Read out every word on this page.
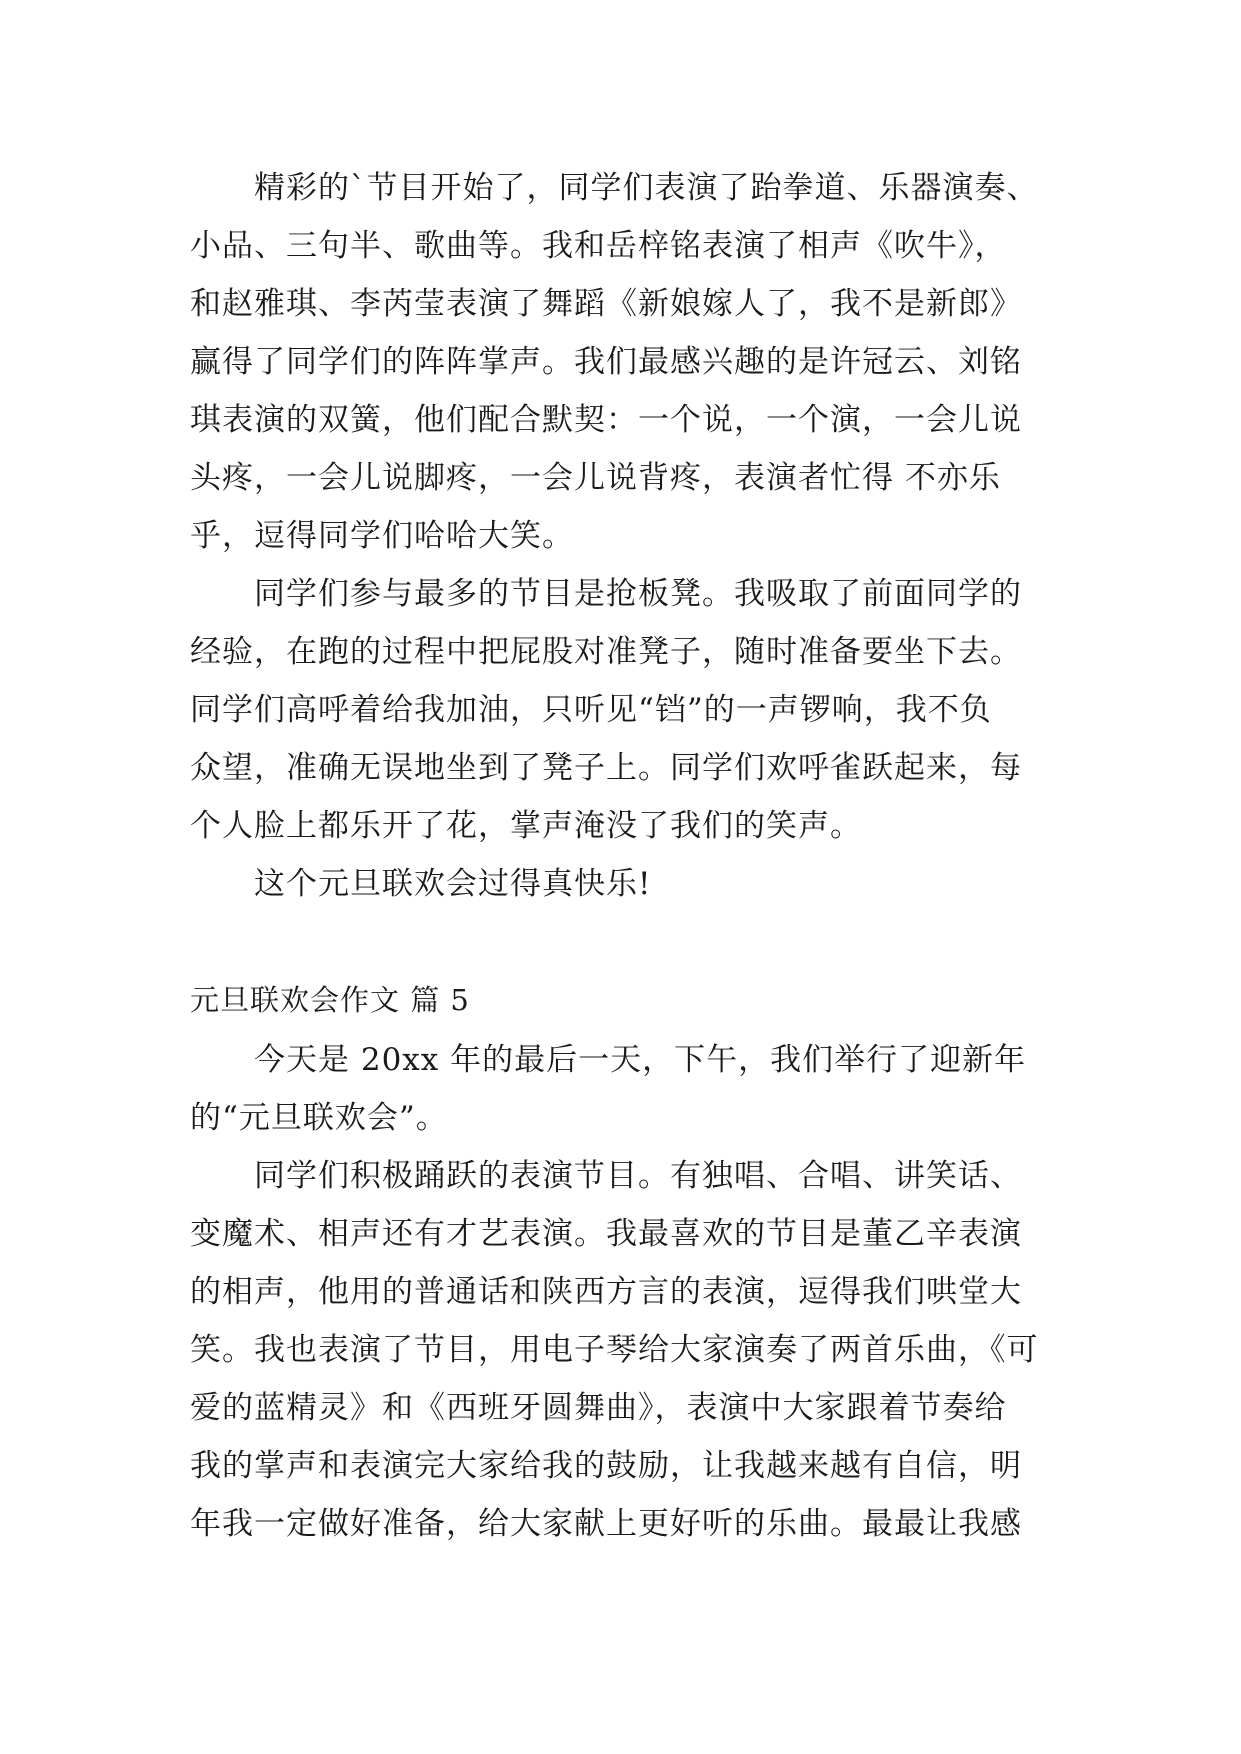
精彩的`节目开始了，同学们表演了跆拳道、乐器演奏、
小品、三句半、歌曲等。我和岳梓铭表演了相声《吹牛》，
和赵雅琪、李芮莹表演了舞蹈《新娘嫁人了，我不是新郎》
赢得了同学们的阵阵掌声。我们最感兴趣的是许冠云、刘铭
琪表演的双簧，他们配合默契：一个说，一个演，一会儿说
头疼，一会儿说脚疼，一会儿说背疼，表演者忙得 不亦乐
乎，逗得同学们哈哈大笑。
同学们参与最多的节目是抢板凳。我吸取了前面同学的
经验，在跑的过程中把屁股对准凳子，随时准备要坐下去。
同学们高呼着给我加油，只听见“铛”的一声锣响，我不负
众望，准确无误地坐到了凳子上。同学们欢呼雀跃起来，每
个人脸上都乐开了花，掌声淹没了我们的笑声。
这个元旦联欢会过得真快乐!
元旦联欢会作文 篇 5
今天是 20xx 年的最后一天，下午，我们举行了迎新年
的“元旦联欢会”。
同学们积极踊跃的表演节目。有独唱、合唱、讲笑话、
变魔术、相声还有才艺表演。我最喜欢的节目是董乙辛表演
的相声，他用的普通话和陕西方言的表演，逗得我们哄堂大
笑。我也表演了节目，用电子琴给大家演奏了两首乐曲，《可
爱的蓝精灵》和《西班牙圆舞曲》，表演中大家跟着节奏给
我的掌声和表演完大家给我的鼓励，让我越来越有自信，明
年我一定做好准备，给大家献上更好听的乐曲。最最让我感
